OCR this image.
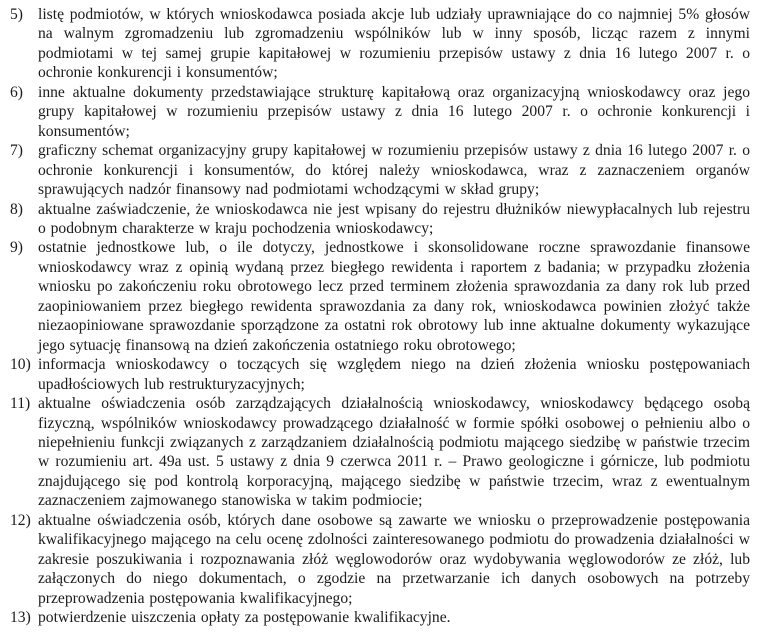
5) listę podmiotów, w których wnioskodawca posiada akcje lub udziały uprawniające do co najmniej 5% głosów na walnym zgromadzeniu lub zgromadzeniu wspólników lub w inny sposób, licząc razem z innymi podmiotami w tej samej grupie kapitałowej w rozumieniu przepisów ustawy z dnia 16 lutego 2007 r. o ochronie konkurencji i konsumentów;
6) inne aktualne dokumenty przedstawiające strukturę kapitałową oraz organizacyjną wnioskodawcy oraz jego grupy kapitałowej w rozumieniu przepisów ustawy z dnia 16 lutego 2007 r. o ochronie konkurencji i konsumentów;
7) graficzny schemat organizacyjny grupy kapitałowej w rozumieniu przepisów ustawy z dnia 16 lutego 2007 r. o ochronie konkurencji i konsumentów, do której należy wnioskodawca, wraz z zaznaczeniem organów sprawujących nadzór finansowy nad podmiotami wchodzącymi w skład grupy;
8) aktualne zaświadczenie, że wnioskodawca nie jest wpisany do rejestru dłużników niewypłacalnych lub rejestru o podobnym charakterze w kraju pochodzenia wnioskodawcy;
9) ostatnie jednostkowe lub, o ile dotyczy, jednostkowe i skonsolidowane roczne sprawozdanie finansowe wnioskodawcy wraz z opinią wydaną przez biegłego rewidenta i raportem z badania; w przypadku złożenia wniosku po zakończeniu roku obrotowego lecz przed terminem złożenia sprawozdania za dany rok lub przed zaopiniowaniem przez biegłego rewidenta sprawozdania za dany rok, wnioskodawca powinien złożyć także niezaopiniowane sprawozdanie sporządzone za ostatni rok obrotowy lub inne aktualne dokumenty wykazujące jego sytuację finansową na dzień zakończenia ostatniego roku obrotowego;
10) informacja wnioskodawcy o toczących się względem niego na dzień złożenia wniosku postępowaniach upadłościowych lub restrukturyzacyjnych;
11) aktualne oświadczenia osób zarządzających działalnością wnioskodawcy, wnioskodawcy będącego osobą fizyczną, wspólników wnioskodawcy prowadzącego działalność w formie spółki osobowej o pełnieniu albo o niepełnieniu funkcji związanych z zarządzaniem działalnością podmiotu mającego siedzibę w państwie trzecim w rozumieniu art. 49a ust. 5 ustawy z dnia 9 czerwca 2011 r. – Prawo geologiczne i górnicze, lub podmiotu znajdującego się pod kontrolą korporacyjną, mającego siedzibę w państwie trzecim, wraz z ewentualnym zaznaczeniem zajmowanego stanowiska w takim podmiocie;
12) aktualne oświadczenia osób, których dane osobowe są zawarte we wniosku o przeprowadzenie postępowania kwalifikacyjnego mającego na celu ocenę zdolności zainteresowanego podmiotu do prowadzenia działalności w zakresie poszukiwania i rozpoznawania złóż węglowodorów oraz wydobywania węglowodorów ze złóż, lub załączonych do niego dokumentach, o zgodzie na przetwarzanie ich danych osobowych na potrzeby przeprowadzenia postępowania kwalifikacyjnego;
13) potwierdzenie uiszczenia opłaty za postępowanie kwalifikacyjne.
